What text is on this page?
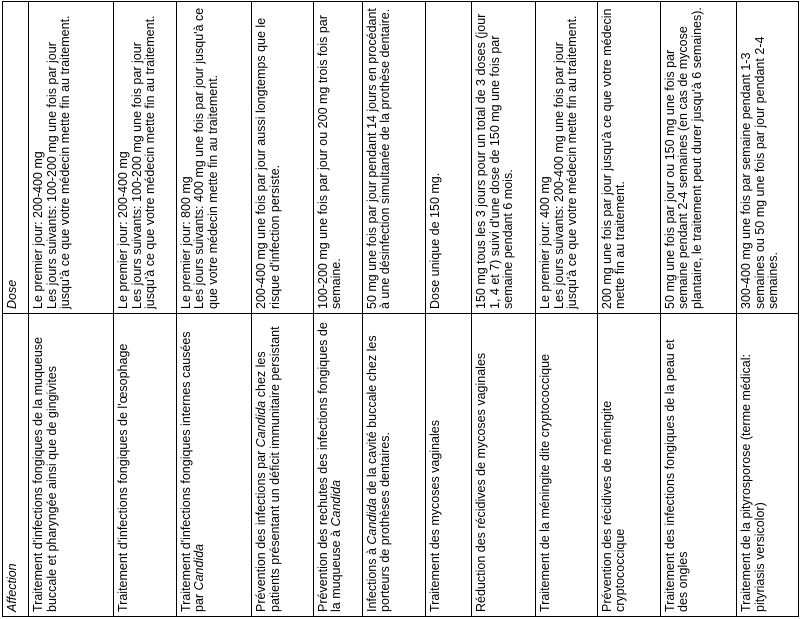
Affection	Dose
Traitement d'infections fongiques de la muqueuse buccale et pharyngée ainsi que de gingivites	Le premier jour: 200-400 mg Les jours suivants: 100-200 mg une fois par jour jusqu'à ce que votre médecin mette fin au traitement.

Traitement d'infections fongiques de l'œsophage	Le premier jour: 200-400 mg Les jours suivants: 100-200 mg une fois par jour jusqu'à ce que votre médecin mette fin au traitement.

Traitement d'infections fongiques internes causées par Candida	Le premier jour: 800 mg Les jours suivants: 400 mg une fois par jour jusqu'à ce que votre médecin mette fin au traitement.

Prévention des infections par Candida chez les patients présentant un déficit immunitaire persistant	200-400 mg une fois par jour aussi longtemps que le risque d'infection persiste.

Prévention des rechutes des infections fongiques de la muqueuse à Candida	100-200 mg une fois par jour ou 200 mg trois fois par semaine.

Infections à Candida de la cavité buccale chez les porteurs de prothèses dentaires.	50 mg une fois par jour pendant 14 jours en procédant à une désinfection simultanée de la prothèse dentaire.

Traitement des mycoses vaginales	Dose unique de 150 mg.

Réduction des récidives de mycoses vaginales	150 mg tous les 3 jours pour un total de 3 doses (jour 1, 4 et 7) suivi d'une dose de 150 mg une fois par semaine pendant 6 mois.

Traitement de la méningite dite cryptococcique	Le premier jour: 400 mg Les jours suivants: 200-400 mg une fois par jour jusqu'à ce que votre médecin mette fin au traitement.

Prévention des récidives de méningite cryptococcique	200 mg une fois par jour jusqu'à ce que votre médecin mette fin au traitement.

Traitement des infections fongiques de la peau et des ongles	50 mg une fois par jour ou 150 mg une fois par semaine pendant 2-4 semaines (en cas de mycose plantaire, le traitement peut durer jusqu'à 6 semaines).

Traitement de la pityrosporose (terme médical: pityriasis versicolor)	300-400 mg une fois par semaine pendant 1-3 semaines ou 50 mg une fois par jour pendant 2-4 semaines.
